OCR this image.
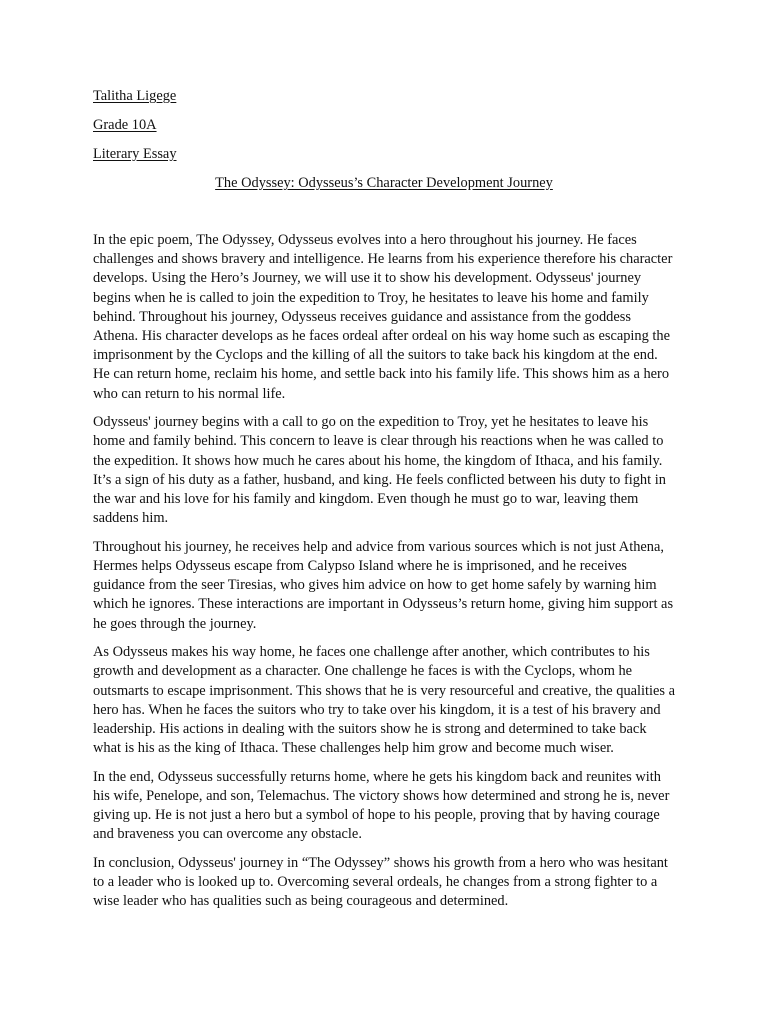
Talitha Ligege
Grade 10A
Literary Essay
The Odyssey: Odysseus’s Character Development Journey

In the epic poem, The Odyssey, Odysseus evolves into a hero throughout his journey. He faces challenges and shows bravery and intelligence. He learns from his experience therefore his character develops. Using the Hero’s Journey, we will use it to show his development. Odysseus' journey begins when he is called to join the expedition to Troy, he hesitates to leave his home and family behind. Throughout his journey, Odysseus receives guidance and assistance from the goddess Athena. His character develops as he faces ordeal after ordeal on his way home such as escaping the imprisonment by the Cyclops and the killing of all the suitors to take back his kingdom at the end. He can return home, reclaim his home, and settle back into his family life. This shows him as a hero who can return to his normal life.

Odysseus' journey begins with a call to go on the expedition to Troy, yet he hesitates to leave his home and family behind. This concern to leave is clear through his reactions when he was called to the expedition. It shows how much he cares about his home, the kingdom of Ithaca, and his family. It’s a sign of his duty as a father, husband, and king. He feels conflicted between his duty to fight in the war and his love for his family and kingdom. Even though he must go to war, leaving them saddens him.

Throughout his journey, he receives help and advice from various sources which is not just Athena, Hermes helps Odysseus escape from Calypso Island where he is imprisoned, and he receives guidance from the seer Tiresias, who gives him advice on how to get home safely by warning him which he ignores. These interactions are important in Odysseus’s return home, giving him support as he goes through the journey.

As Odysseus makes his way home, he faces one challenge after another, which contributes to his growth and development as a character. One challenge he faces is with the Cyclops, whom he outsmarts to escape imprisonment. This shows that he is very resourceful and creative, the qualities a hero has. When he faces the suitors who try to take over his kingdom, it is a test of his bravery and leadership. His actions in dealing with the suitors show he is strong and determined to take back what is his as the king of Ithaca. These challenges help him grow and become much wiser.

In the end, Odysseus successfully returns home, where he gets his kingdom back and reunites with his wife, Penelope, and son, Telemachus. The victory shows how determined and strong he is, never giving up. He is not just a hero but a symbol of hope to his people, proving that by having courage and braveness you can overcome any obstacle.

In conclusion, Odysseus' journey in “The Odyssey” shows his growth from a hero who was hesitant to a leader who is looked up to. Overcoming several ordeals, he changes from a strong fighter to a wise leader who has qualities such as being courageous and determined.
